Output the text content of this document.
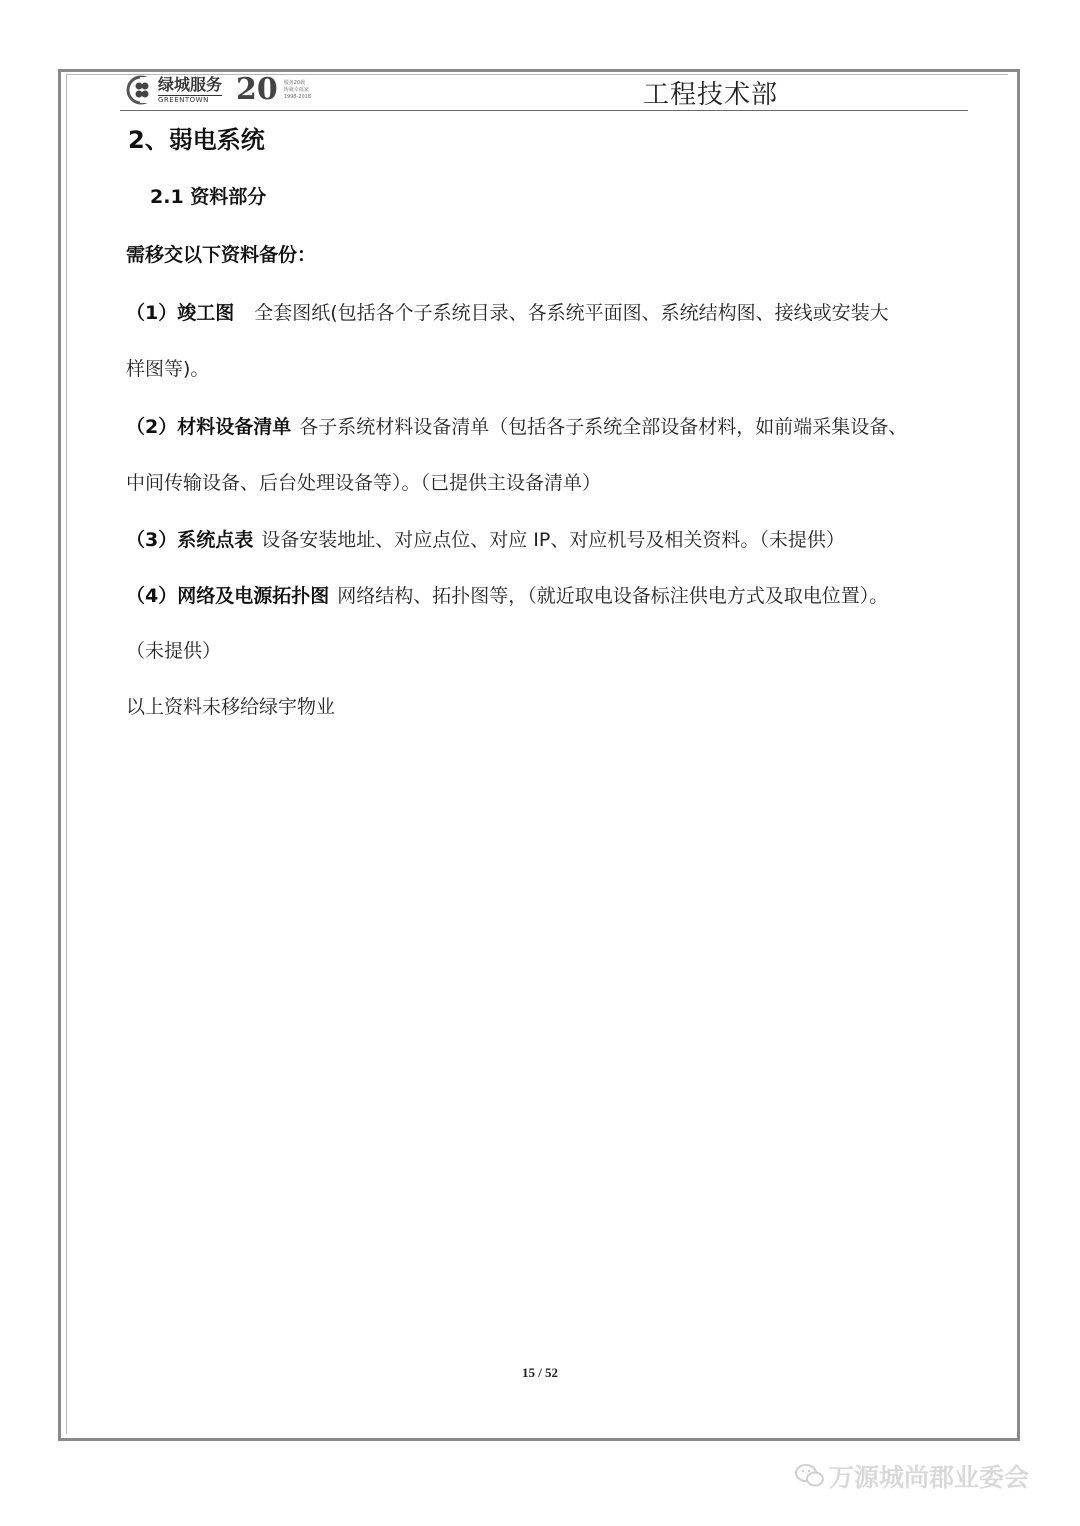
绿城服务
GREENTOWN 20 服务20载
铸就幸福家
1998-2018	工程技术部
2、弱电系统
2.1 资料部分
需移交以下资料备份：
（1）竣工图 全套图纸(包括各个子系统目录、各系统平面图、系统结构图、接线或安装大
样图等)。
（2）材料设备清单 各子系统材料设备清单（包括各子系统全部设备材料，如前端采集设备、
中间传输设备、后台处理设备等）。（已提供主设备清单）
（3）系统点表 设备安装地址、对应点位、对应 IP、对应机号及相关资料。（未提供）
（4）网络及电源拓扑图 网络结构、拓扑图等，（就近取电设备标注供电方式及取电位置）。
（未提供）
以上资料未移给绿宇物业
15 / 52
万源城尚郡业委会
